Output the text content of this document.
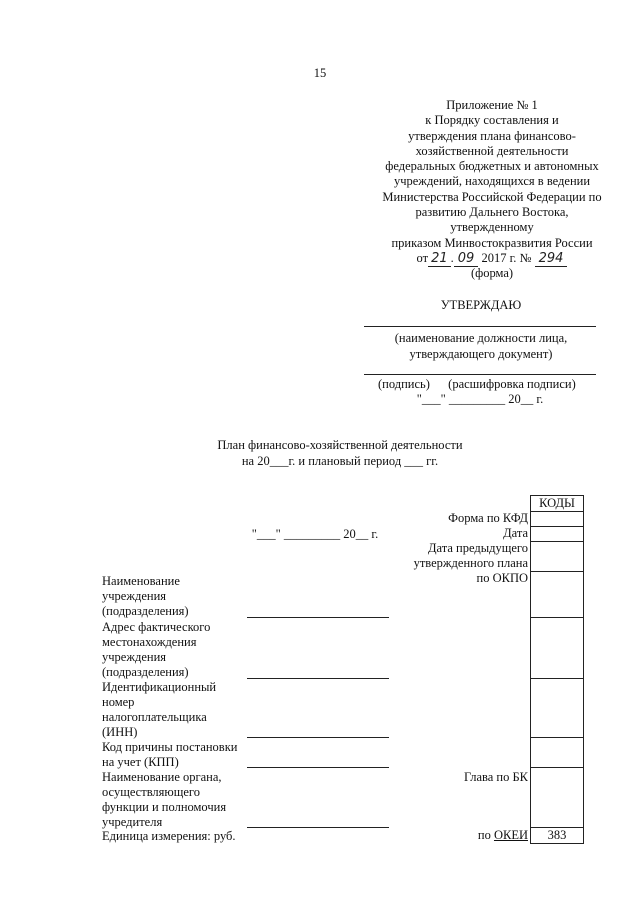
15
Приложение № 1
к Порядку составления и
утверждения плана финансово-
хозяйственной деятельности
федеральных бюджетных и автономных
учреждений, находящихся в ведении
Министерства Российской Федерации по
развитию Дальнего Востока,
утвержденному
приказом Минвостокразвития России
от 21 . 09 2017 г. № 294
(форма)
УТВЕРЖДАЮ
(наименование должности лица,
утверждающего документ)
(подпись) (расшифровка подписи)
"___" _________ 20__ г.
План финансово-хозяйственной деятельности
на 20___г. и плановый период ___ гг.
КОДЫ
383
Форма по КФД
Дата
Дата предыдущего
утвержденного плана
по ОКПО
"___" _________ 20__ г.
Глава по БК
по ОКЕИ
Наименование
учреждения
(подразделения)
Адрес фактического
местонахождения
учреждения
(подразделения)
Идентификационный
номер
налогоплательщика
(ИНН)
Код причины постановки
на учет (КПП)
Наименование органа,
осуществляющего
функции и полномочия
учредителя
Единица измерения: руб.
